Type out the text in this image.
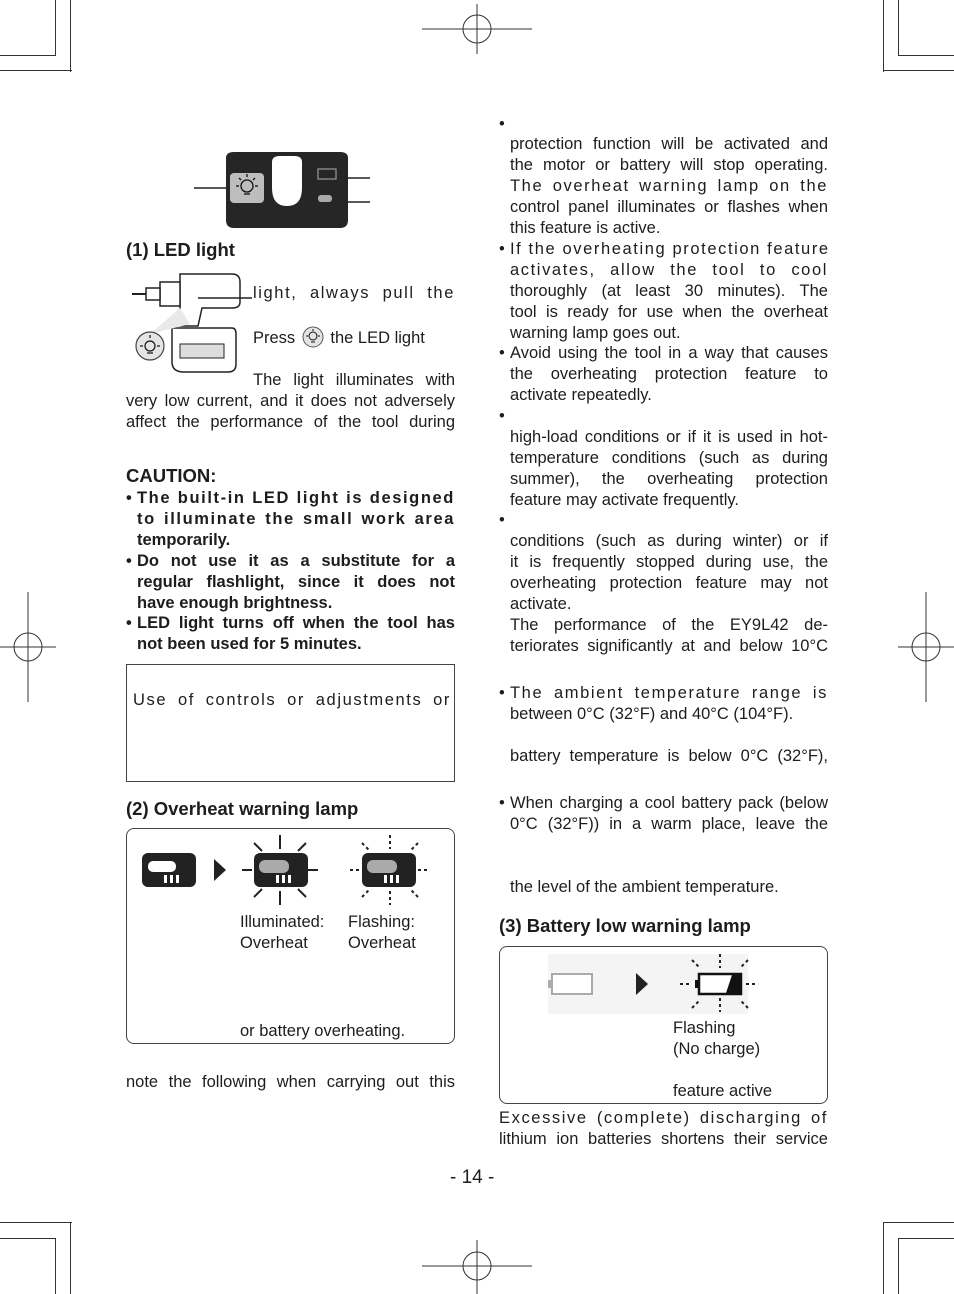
(1) LED light
light, always pull the
Press the LED light
The light illuminates with
very low current, and it does not adversely
affect the performance of the tool during
CAUTION:
• The built-in LED light is designed
to illuminate the small work area
temporarily.
• Do not use it as a substitute for a
regular flashlight, since it does not
have enough brightness.
• LED light turns off when the tool has
not been used for 5 minutes.
Use of controls or adjustments or
(2) Overheat warning lamp
Illuminated:
Overheat
Flashing:
Overheat
or battery overheating.
note the following when carrying out this
•
protection function will be activated and
the motor or battery will stop operating.
The overheat warning lamp on the
control panel illuminates or flashes when
this feature is active.
• If the overheating protection feature
activates, allow the tool to cool
thoroughly (at least 30 minutes). The
tool is ready for use when the overheat
warning lamp goes out.
• Avoid using the tool in a way that causes
the overheating protection feature to
activate repeatedly.
•
high-load conditions or if it is used in hot-
temperature conditions (such as during
summer), the overheating protection
feature may activate frequently.
•
conditions (such as during winter) or if
it is frequently stopped during use, the
overheating protection feature may not
activate.
The performance of the EY9L42 de-
teriorates significantly at and below 10°C
• The ambient temperature range is
between 0°C (32°F) and 40°C (104°F).
battery temperature is below 0°C (32°F),
• When charging a cool battery pack (below
0°C (32°F)) in a warm place, leave the
the level of the ambient temperature.
(3) Battery low warning lamp
Flashing
(No charge)
feature active
Excessive (complete) discharging of
lithium ion batteries shortens their service
- 14 -
